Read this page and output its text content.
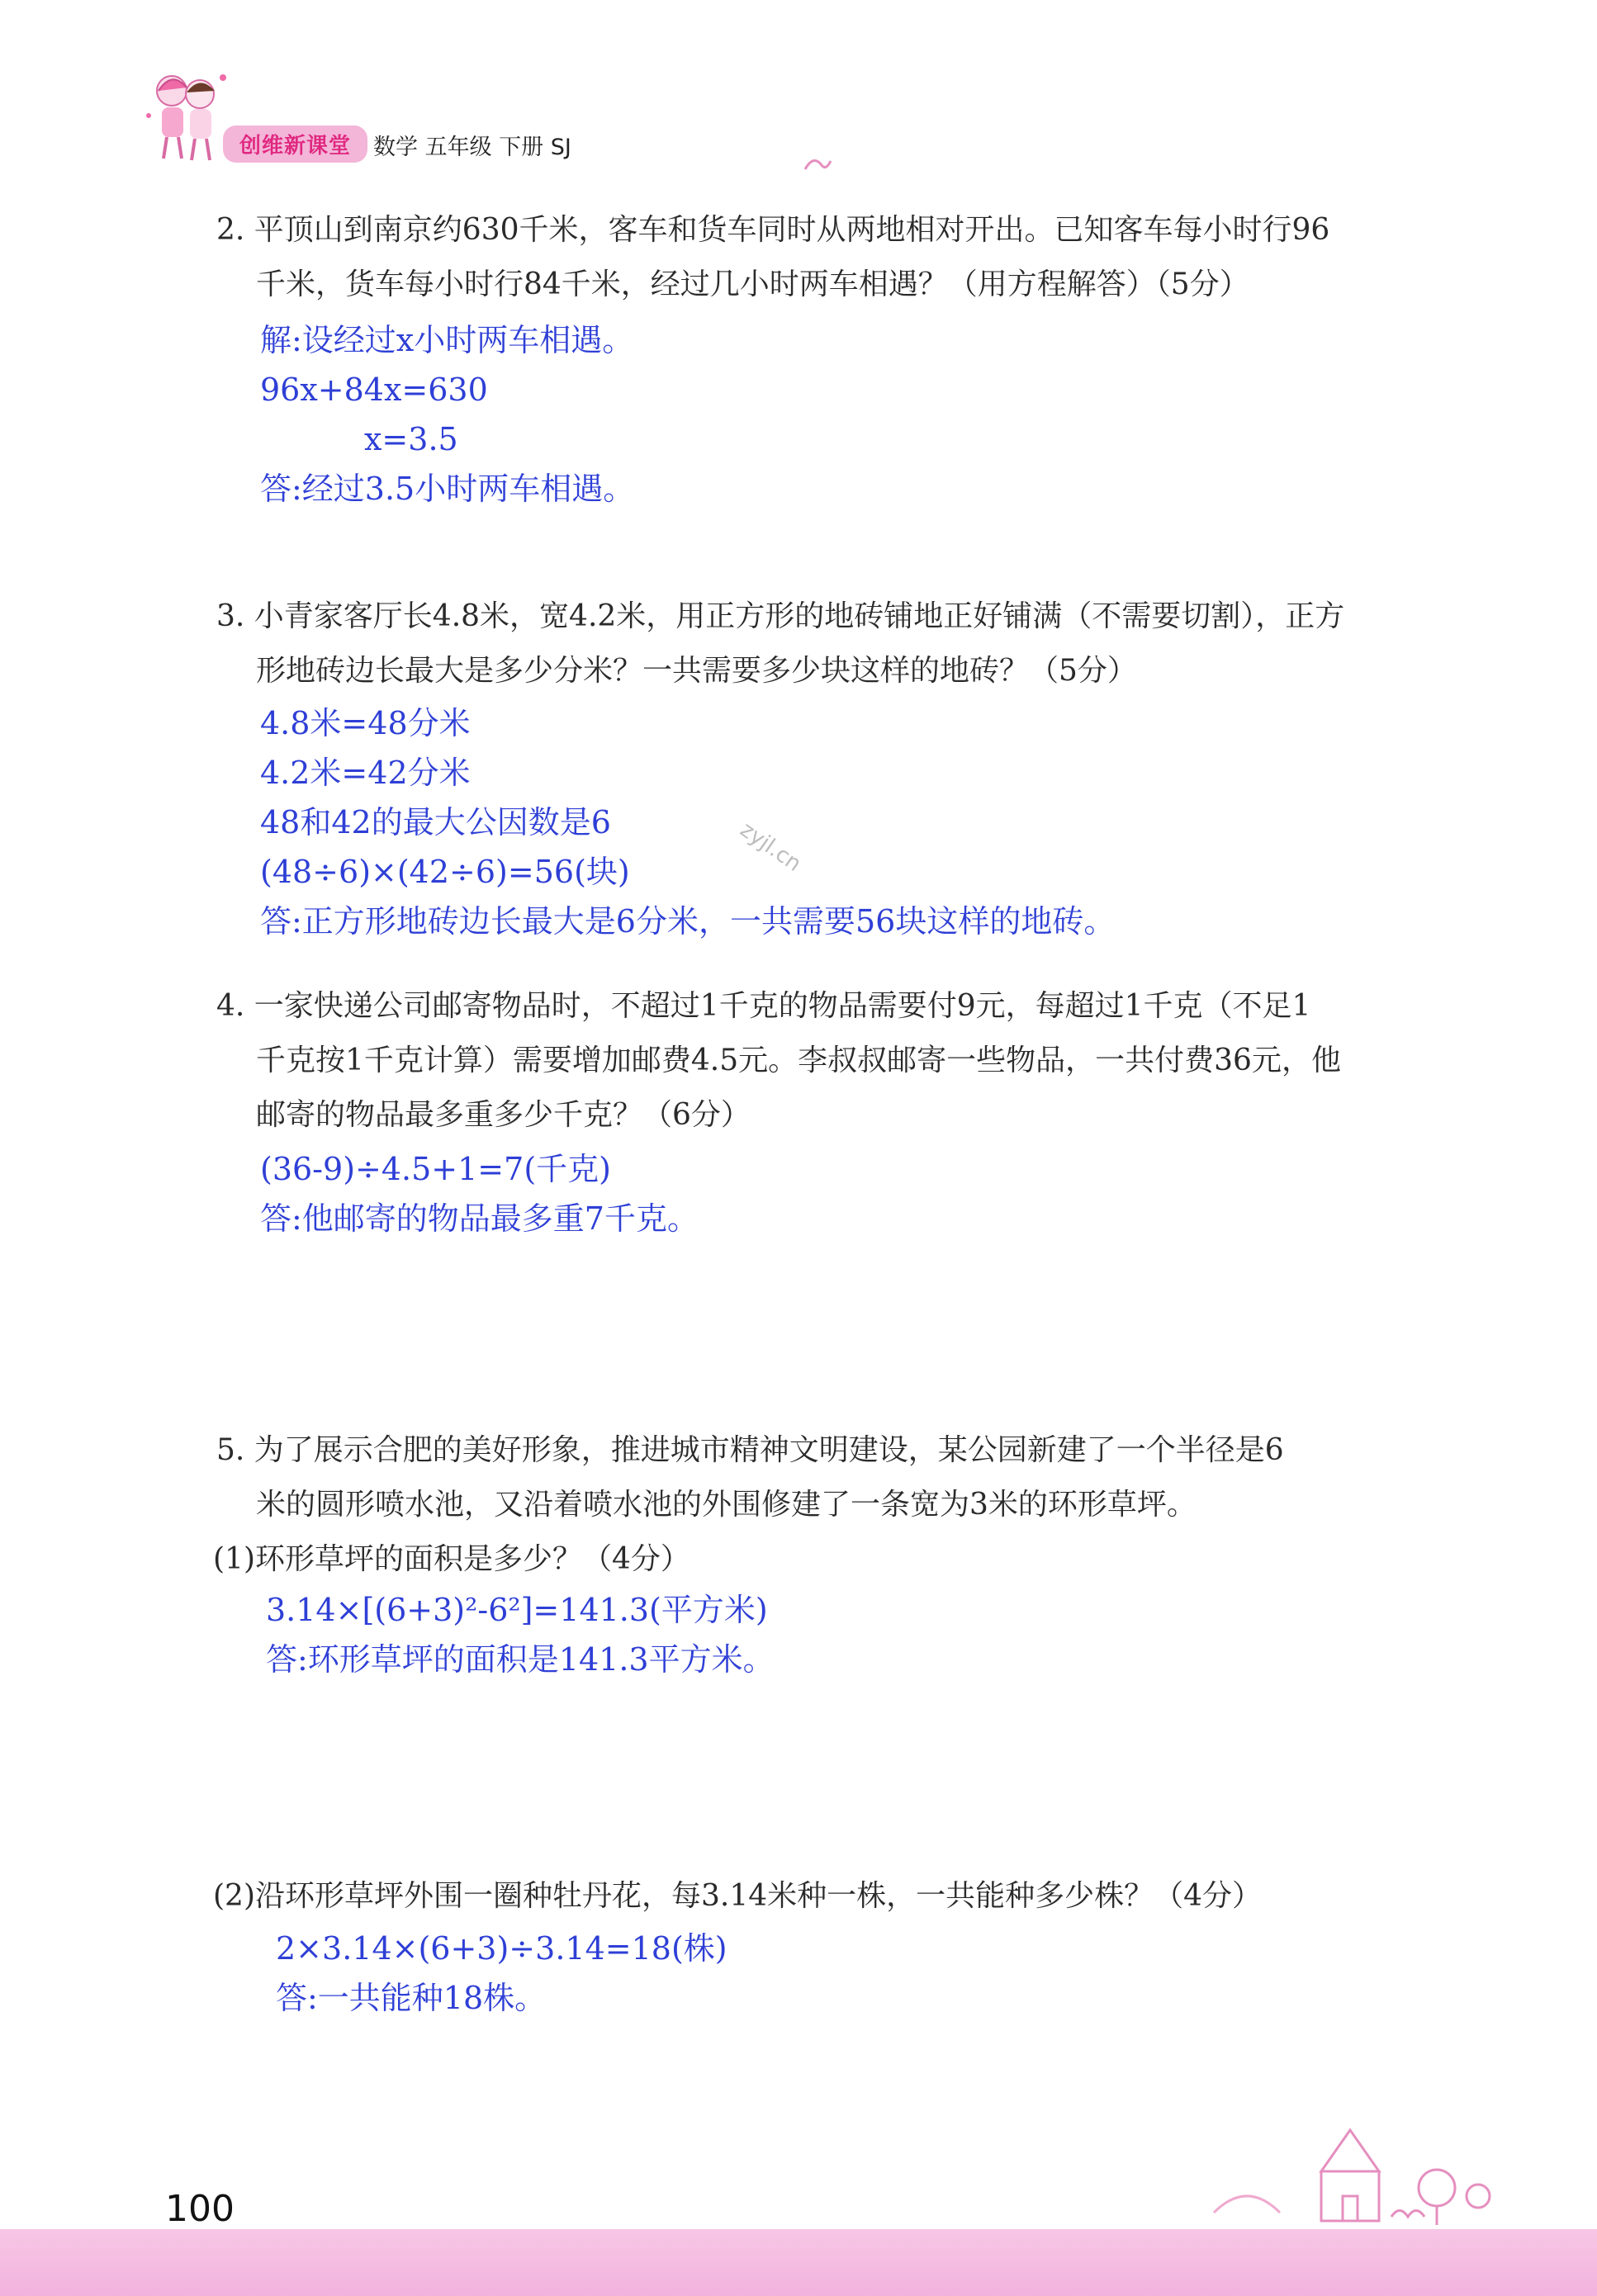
创维新课堂 数学 五年级 下册 SJ
2. 平顶山到南京约630千米，客车和货车同时从两地相对开出。已知客车每小时行96
千米，货车每小时行84千米，经过几小时两车相遇？（用方程解答）（5分）
解:设经过x小时两车相遇。
96x+84x=630
x=3.5
答:经过3.5小时两车相遇。
3. 小青家客厅长4.8米，宽4.2米，用正方形的地砖铺地正好铺满（不需要切割），正方
形地砖边长最大是多少分米？一共需要多少块这样的地砖？（5分）
4.8米=48分米
4.2米=42分米
48和42的最大公因数是6
(48÷6)×(42÷6)=56(块)
答:正方形地砖边长最大是6分米，一共需要56块这样的地砖。
zyjl.cn
4. 一家快递公司邮寄物品时，不超过1千克的物品需要付9元，每超过1千克（不足1
千克按1千克计算）需要增加邮费4.5元。李叔叔邮寄一些物品，一共付费36元，他
邮寄的物品最多重多少千克？（6分）
(36-9)÷4.5+1=7(千克)
答:他邮寄的物品最多重7千克。
5. 为了展示合肥的美好形象，推进城市精神文明建设，某公园新建了一个半径是6
米的圆形喷水池，又沿着喷水池的外围修建了一条宽为3米的环形草坪。
(1)环形草坪的面积是多少？（4分）
3.14×[(6+3)²-6²]=141.3(平方米)
答:环形草坪的面积是141.3平方米。
(2)沿环形草坪外围一圈种牡丹花，每3.14米种一株，一共能种多少株？（4分）
2×3.14×(6+3)÷3.14=18(株)
答:一共能种18株。
100
